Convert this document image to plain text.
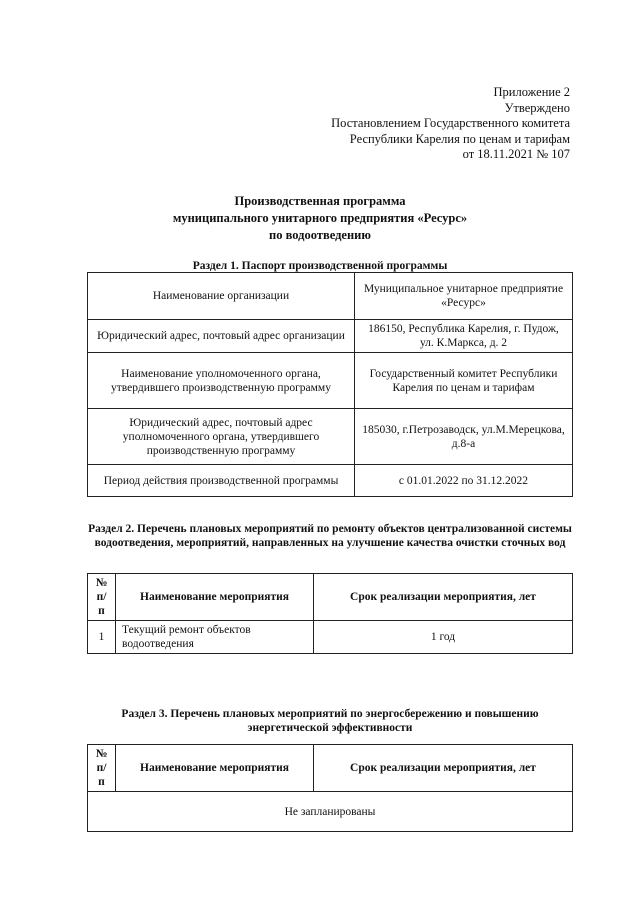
Приложение 2
Утверждено
Постановлением Государственного комитета
Республики Карелия по ценам и тарифам
от 18.11.2021 № 107
Производственная программа
муниципального унитарного предприятия «Ресурс»
по водоотведению
Раздел 1. Паспорт производственной программы
Наименование организации	Муниципальное унитарное предприятие «Ресурс»
Юридический адрес, почтовый адрес организации	186150, Республика Карелия, г. Пудож, ул. К.Маркса, д. 2
Наименование уполномоченного органа, утвердившего производственную программу	Государственный комитет Республики Карелия по ценам и тарифам
Юридический адрес, почтовый адрес уполномоченного органа, утвердившего производственную программу	185030, г.Петрозаводск, ул.М.Мерецкова, д.8-а
Период действия производственной программы	с 01.01.2022 по 31.12.2022
Раздел 2. Перечень плановых мероприятий по ремонту объектов централизованной системы водоотведения, мероприятий, направленных на улучшение качества очистки сточных вод
№ п/п	Наименование мероприятия	Срок реализации мероприятия, лет
1	Текущий ремонт объектов водоотведения	1 год
Раздел 3. Перечень плановых мероприятий по энергосбережению и повышению энергетической эффективности
№ п/п	Наименование мероприятия	Срок реализации мероприятия, лет
Не запланированы
